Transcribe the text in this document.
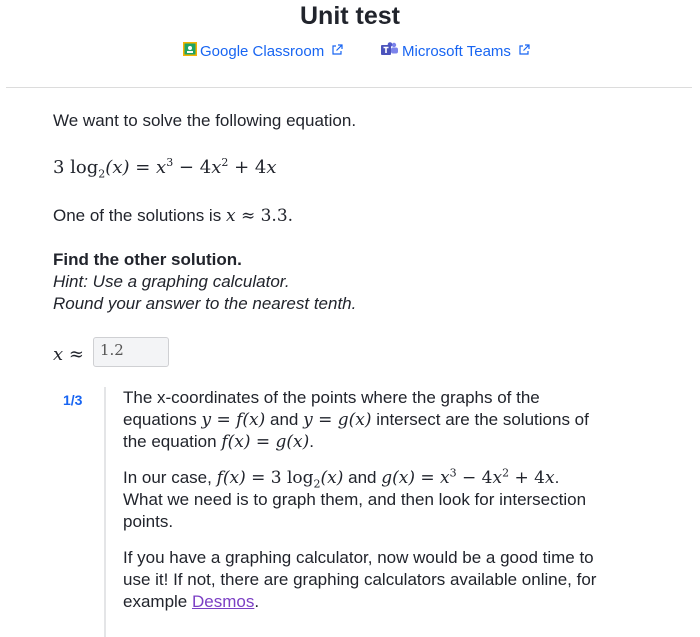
Unit test
Google Classroom	Microsoft Teams
We want to solve the following equation.
3 $\log_2(x) = x^3 - 4x^2 + 4x$
One of the solutions is x ≈ 3.3.
Find the other solution.
Hint: Use a graphing calculator.
Round your answer to the nearest tenth.
x ≈	1.2
1/3 The x-coordinates of the points where the graphs of the
equations y = f(x) and y = g(x) intersect are the solutions of
the equation f(x) = g(x).
In our case, f(x) = 3 $\log_2(x)$ and $g(x) = x^3 - 4x^2 + 4x$.
What we need is to graph them, and then look for intersection
points.
If you have a graphing calculator, now would be a good time to
use it! If not, there are graphing calculators available online, for
example Desmos.
